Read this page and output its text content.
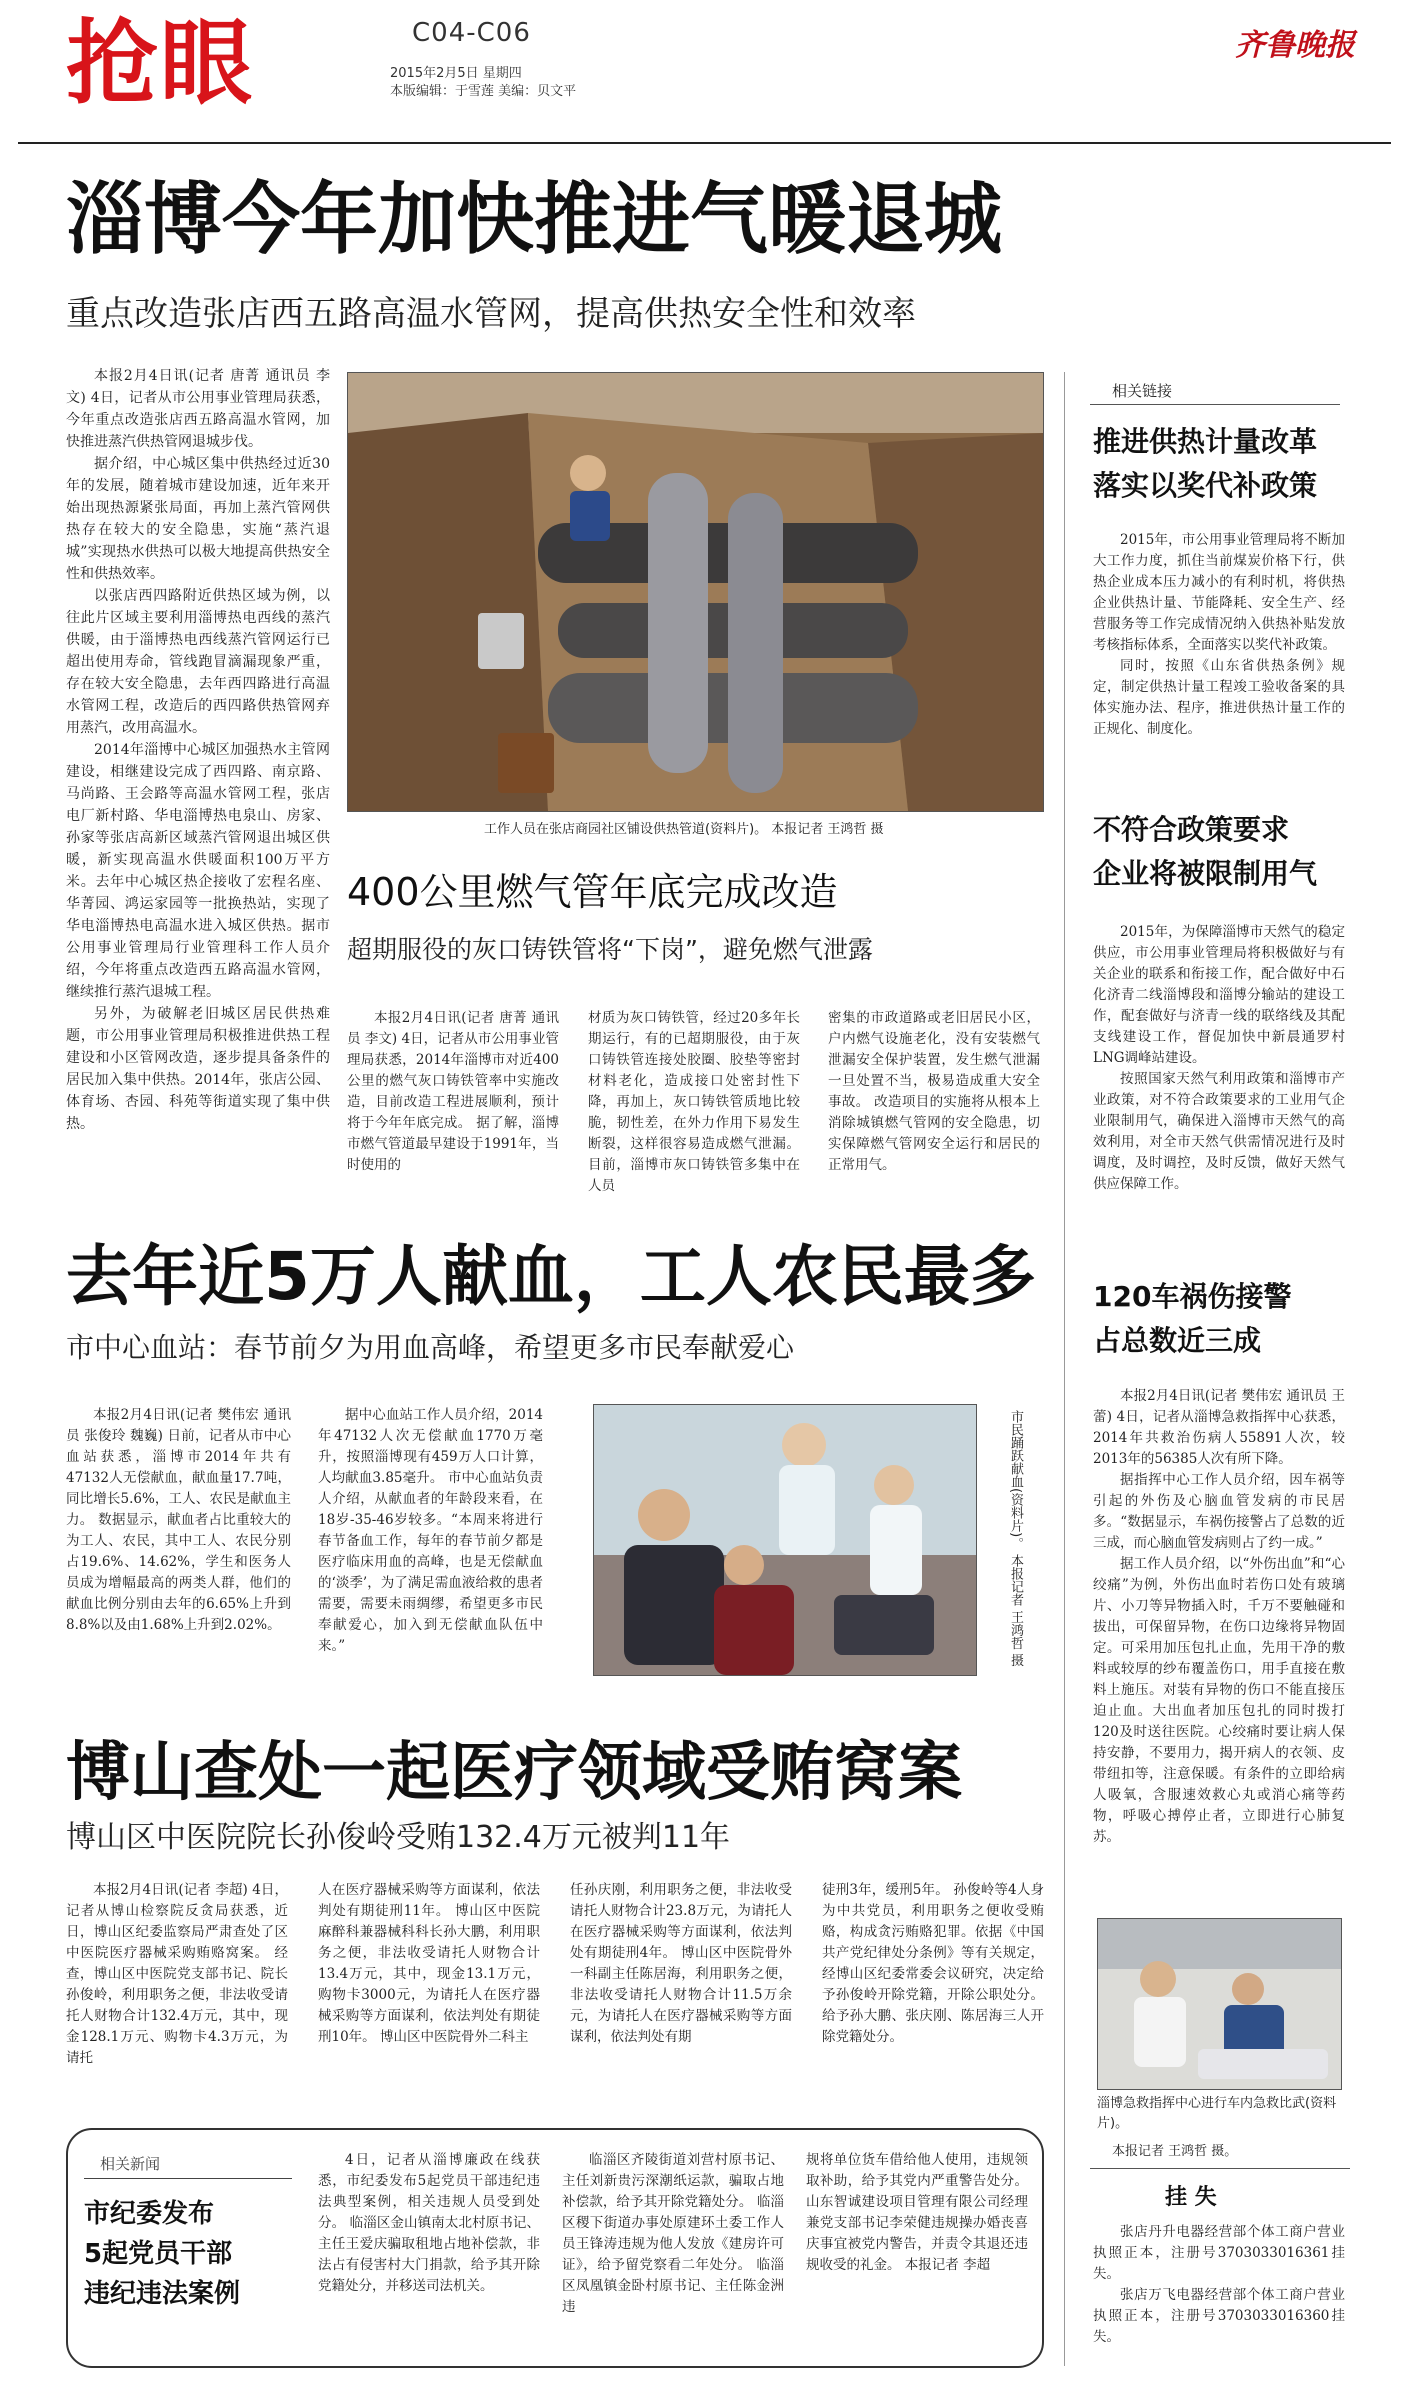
抢眼	C04-C06
2015年2月5日 星期四
本版编辑：于雪莲 美编：贝文平
齐鲁晚报
淄博今年加快推进气暖退城
重点改造张店西五路高温水管网，提高供热安全性和效率

本报2月4日讯(记者 唐菁 通讯员 李文) 4日，记者从市公用事业管理局获悉，今年重点改造张店西五路高温水管网，加快推进蒸汽供热管网退城步伐。

据介绍，中心城区集中供热经过近30年的发展，随着城市建设加速，近年来开始出现热源紧张局面，再加上蒸汽管网供热存在较大的安全隐患，实施“蒸汽退城”实现热水供热可以极大地提高供热安全性和供热效率。

以张店西四路附近供热区域为例，以往此片区域主要利用淄博热电西线的蒸汽供暖，由于淄博热电西线蒸汽管网运行已超出使用寿命，管线跑冒滴漏现象严重，存在较大安全隐患，去年西四路进行高温水管网工程，改造后的西四路供热管网弃用蒸汽，改用高温水。

2014年淄博中心城区加强热水主管网建设，相继建设完成了西四路、南京路、马尚路、王会路等高温水管网工程，张店电厂新村路、华电淄博热电泉山、房家、孙家等张店高新区域蒸汽管网退出城区供暖，新实现高温水供暖面积100万平方米。去年中心城区热企接收了宏程名座、华菁园、鸿运家园等一批换热站，实现了华电淄博热电高温水进入城区供热。据市公用事业管理局行业管理科工作人员介绍，今年将重点改造西五路高温水管网，继续推行蒸汽退城工程。

另外，为破解老旧城区居民供热难题，市公用事业管理局积极推进供热工程建设和小区管网改造，逐步提具备条件的居民加入集中供热。2014年，张店公园、体育场、杏园、科苑等街道实现了集中供热。

工作人员在张店商园社区铺设供热管道(资料片)。 本报记者 王鸿哲 摄
400公里燃气管年底完成改造
超期服役的灰口铸铁管将“下岗”，避免燃气泄露

本报2月4日讯(记者 唐菁 通讯员 李文) 4日，记者从市公用事业管理局获悉，2014年淄博市对近400公里的燃气灰口铸铁管率中实施改造，目前改造工程进展顺利，预计将于今年年底完成。 据了解，淄博市燃气管道最早建设于1991年，当时使用的

材质为灰口铸铁管，经过20多年长期运行，有的已超期服役，由于灰口铸铁管连接处胶圈、胶垫等密封材料老化，造成接口处密封性下降，再加上，灰口铸铁管质地比较脆，韧性差，在外力作用下易发生断裂，这样很容易造成燃气泄漏。目前，淄博市灰口铸铁管多集中在人员

密集的市政道路或老旧居民小区，户内燃气设施老化，没有安装燃气泄漏安全保护装置，发生燃气泄漏一旦处置不当，极易造成重大安全事故。 改造项目的实施将从根本上消除城镇燃气管网的安全隐患，切实保障燃气管网安全运行和居民的正常用气。

去年近5万人献血，工人农民最多
市中心血站：春节前夕为用血高峰，希望更多市民奉献爱心

本报2月4日讯(记者 樊伟宏 通讯员 张俊玲 魏巍) 日前，记者从市中心血站获悉，淄博市2014年共有47132人无偿献血，献血量17.7吨，同比增长5.6%，工人、农民是献血主力。 数据显示，献血者占比重较大的为工人、农民，其中工人、农民分别占19.6%、14.62%，学生和医务人员成为增幅最高的两类人群，他们的献血比例分别由去年的6.65%上升到8.8%以及由1.68%上升到2.02%。

据中心血站工作人员介绍，2014年47132人次无偿献血1770万毫升，按照淄博现有459万人口计算，人均献血3.85毫升。 市中心血站负责人介绍，从献血者的年龄段来看，在18岁-35-46岁较多。“本周来将进行春节备血工作，每年的春节前夕都是医疗临床用血的高峰，也是无偿献血的‘淡季’，为了满足需血液给救的患者需要，需要未雨绸缪，希望更多市民奉献爱心，加入到无偿献血队伍中来。”	市民踊跃献血(资料片)。 本报记者 王鸿哲 摄
博山查处一起医疗领域受贿窝案
博山区中医院院长孙俊岭受贿132.4万元被判11年

本报2月4日讯(记者 李超) 4日，记者从博山检察院反贪局获悉，近日，博山区纪委监察局严肃查处了区中医院医疗器械采购贿赂窝案。 经查，博山区中医院党支部书记、院长孙俊岭，利用职务之便，非法收受请托人财物合计132.4万元，其中，现金128.1万元、购物卡4.3万元，为请托

人在医疗器械采购等方面谋利，依法判处有期徒刑11年。 博山区中医院麻醉科兼器械科科长孙大鹏，利用职务之便，非法收受请托人财物合计13.4万元，其中，现金13.1万元，购物卡3000元，为请托人在医疗器械采购等方面谋利，依法判处有期徒刑10年。 博山区中医院骨外二科主

任孙庆刚，利用职务之便，非法收受请托人财物合计23.8万元，为请托人在医疗器械采购等方面谋利，依法判处有期徒刑4年。 博山区中医院骨外一科副主任陈居海，利用职务之便，非法收受请托人财物合计11.5万余元，为请托人在医疗器械采购等方面谋利，依法判处有期

徒刑3年，缓刑5年。 孙俊岭等4人身为中共党员，利用职务之便收受贿赂，构成贪污贿赂犯罪。依据《中国共产党纪律处分条例》等有关规定，经博山区纪委常委会议研究，决定给予孙俊岭开除党籍，开除公职处分。给予孙大鹏、张庆刚、陈居海三人开除党籍处分。

相关新闻
市纪委发布
5起党员干部
违纪违法案例

4日，记者从淄博廉政在线获悉，市纪委发布5起党员干部违纪违法典型案例，相关违规人员受到处分。 临淄区金山镇南太北村原书记、主任王爱庆骗取租地占地补偿款，非法占有侵害村大门捐款，给予其开除党籍处分，并移送司法机关。

临淄区齐陵街道刘营村原书记、主任刘新贵污深潮纸运款，骗取占地补偿款，给予其开除党籍处分。 临淄区稷下街道办事处原建环土委工作人员王锋涛违规为他人发放《建房许可证》，给予留党察看二年处分。 临淄区凤凰镇金卧村原书记、主任陈金洲违

规将单位货车借给他人使用，违规领取补助，给予其党内严重警告处分。 山东智诚建设项目管理有限公司经理兼党支部书记李荣健违规操办婚丧喜庆事宜被党内警告，并责令其退还违规收受的礼金。 本报记者 李超

相关链接
推进供热计量改革
落实以奖代补政策

2015年，市公用事业管理局将不断加大工作力度，抓住当前煤炭价格下行，供热企业成本压力减小的有利时机，将供热企业供热计量、节能降耗、安全生产、经营服务等工作完成情况纳入供热补贴发放考核指标体系，全面落实以奖代补政策。

同时，按照《山东省供热条例》规定，制定供热计量工程竣工验收备案的具体实施办法、程序，推进供热计量工作的正规化、制度化。

不符合政策要求
企业将被限制用气

2015年，为保障淄博市天然气的稳定供应，市公用事业管理局将积极做好与有关企业的联系和衔接工作，配合做好中石化济青二线淄博段和淄博分输站的建设工作，配套做好与济青一线的联络线及其配支线建设工作，督促加快中新晨通罗村LNG调峰站建设。

按照国家天然气利用政策和淄博市产业政策，对不符合政策要求的工业用气企业限制用气，确保进入淄博市天然气的高效利用，对全市天然气供需情况进行及时调度，及时调控，及时反馈，做好天然气供应保障工作。

120车祸伤接警
占总数近三成

本报2月4日讯(记者 樊伟宏 通讯员 王蕾) 4日，记者从淄博急救指挥中心获悉，2014年共救治伤病人55891人次，较2013年的56385人次有所下降。

据指挥中心工作人员介绍，因车祸等引起的外伤及心脑血管发病的市民居多。“数据显示，车祸伤接警占了总数的近三成，而心脑血管发病则占了约一成。”

据工作人员介绍，以“外伤出血”和“心绞痛”为例，外伤出血时若伤口处有玻璃片、小刀等异物插入时，千万不要触碰和拔出，可保留异物，在伤口边缘将异物固定。可采用加压包扎止血，先用干净的敷料或较厚的纱布覆盖伤口，用手直接在敷料上施压。对装有异物的伤口不能直接压迫止血。大出血者加压包扎的同时拨打120及时送往医院。心绞痛时要让病人保持安静，不要用力，揭开病人的衣领、皮带纽扣等，注意保暖。有条件的立即给病人吸氧，含服速效救心丸或消心痛等药物，呼吸心搏停止者，立即进行心肺复苏。

淄博急救指挥中心进行车内急救比武(资料片)。
本报记者 王鸿哲 摄。
挂 失

张店丹升电器经营部个体工商户营业执照正本，注册号370303301636​1挂失。

张店万飞电器经营部个体工商户营业执照正本，注册号370303301636​0挂失。
